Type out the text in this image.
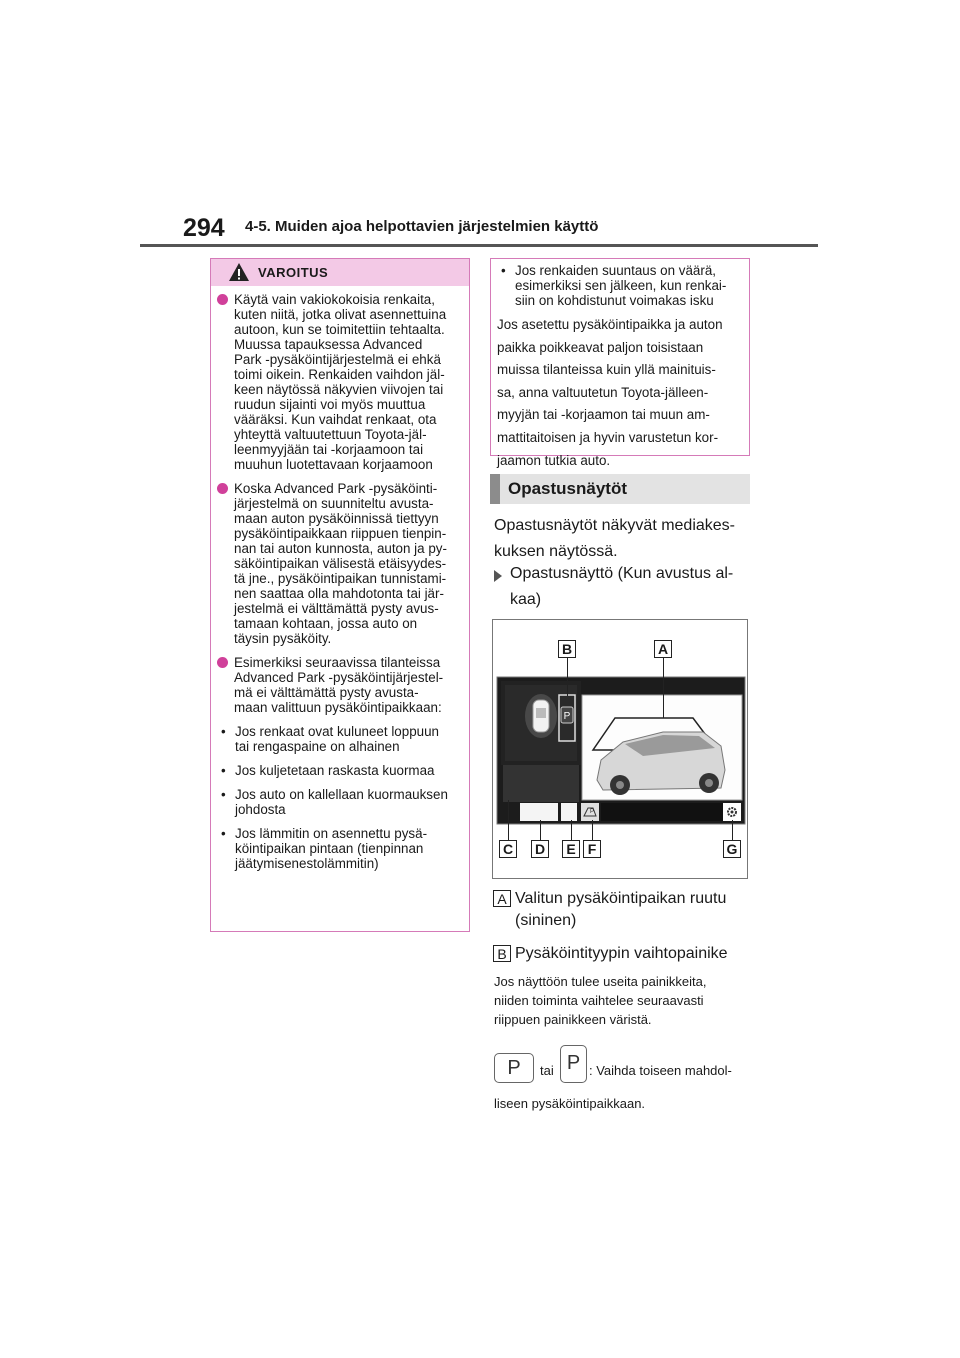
294 4-5. Muiden ajoa helpottavien järjestelmien käyttö
VAROITUS
Käytä vain vakiokokoisia renkaita,
kuten niitä, jotka olivat asennettuina
autoon, kun se toimitettiin tehtaalta.
Muussa tapauksessa Advanced
Park -pysäköintijärjestelmä ei ehkä
toimi oikein. Renkaiden vaihdon jäl-
keen näytössä näkyvien viivojen tai
ruudun sijainti voi myös muuttua
vääräksi. Kun vaihdat renkaat, ota
yhteyttä valtuutettuun Toyota-jäl-
leenmyyjään tai -korjaamoon tai
muuhun luotettavaan korjaamoon
Koska Advanced Park -pysäköinti-
järjestelmä on suunniteltu avusta-
maan auton pysäköinnissä tiettyyn
pysäköintipaikkaan riippuen tienpin-
nan tai auton kunnosta, auton ja py-
säköintipaikan välisestä etäisyydes-
tä jne., pysäköintipaikan tunnistami-
nen saattaa olla mahdotonta tai jär-
jestelmä ei välttämättä pysty avus-
tamaan kohtaan, jossa auto on
täysin pysäköity.
Esimerkiksi seuraavissa tilanteissa
Advanced Park -pysäköintijärjestel-
mä ei välttämättä pysty avusta-
maan valittuun pysäköintipaikkaan:
• Jos renkaat ovat kuluneet loppuun
tai rengaspaine on alhainen
• Jos kuljetetaan raskasta kuormaa
• Jos auto on kallellaan kuormauksen
johdosta
• Jos lämmitin on asennettu pysä-
köintipaikan pintaan (tienpinnan
jäätymisenestolämmitin)
• Jos renkaiden suuntaus on väärä,
esimerkiksi sen jälkeen, kun renkai-
siin on kohdistunut voimakas isku
Jos asetettu pysäköintipaikka ja auton
paikka poikkeavat paljon toisistaan
muissa tilanteissa kuin yllä mainituis-
sa, anna valtuutetun Toyota-jälleen-
myyjän tai -korjaamon tai muun am-
mattitaitoisen ja hyvin varustetun kor-
jaamon tutkia auto.
Opastusnäytöt
Opastusnäytöt näkyvät mediakes-
kuksen näytössä.
Opastusnäyttö (Kun avustus al-
kaa)
P
P
B	A
C D	E F	G
A Valitun pysäköintipaikan ruutu
(sininen)
B Pysäköintityypin vaihtopainike
Jos näyttöön tulee useita painikkeita,
niiden toiminta vaihtelee seuraavasti
riippuen painikkeen väristä.
P	tai P : Vaihda toiseen mahdol-
liseen pysäköintipaikkaan.
